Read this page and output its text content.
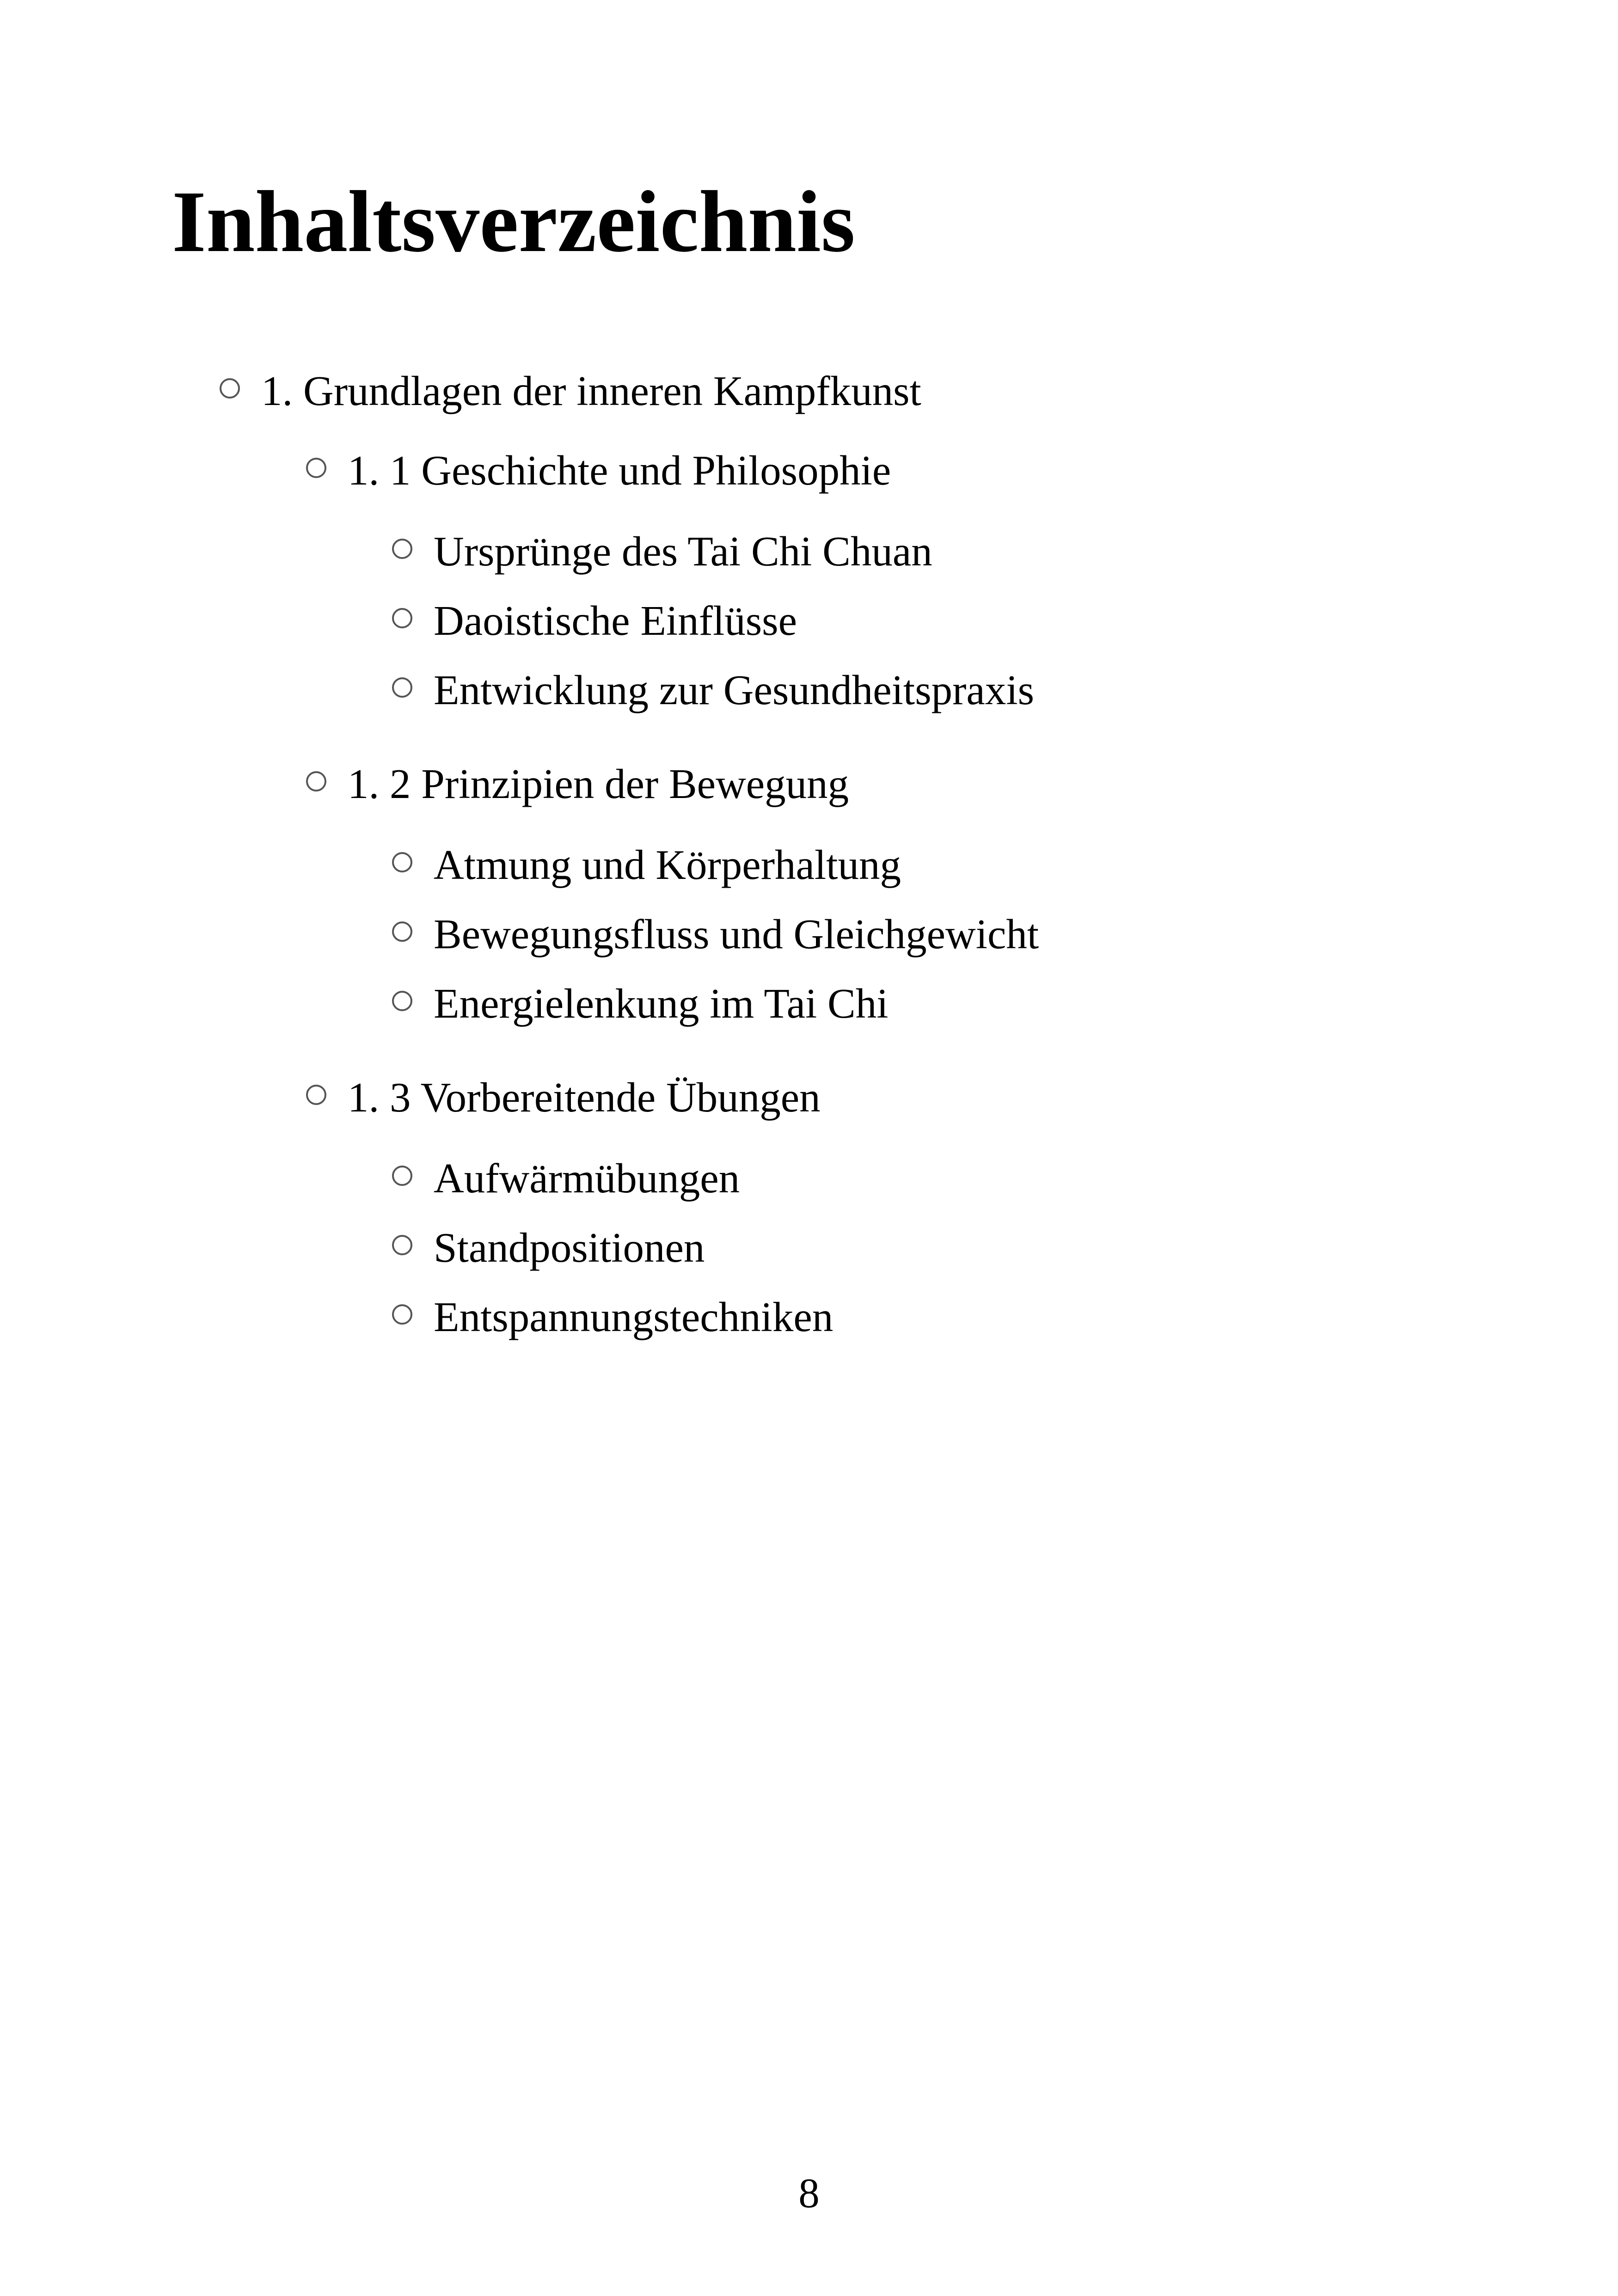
Inhaltsverzeichnis
1. Grundlagen der inneren Kampfkunst
1. 1 Geschichte und Philosophie
Ursprünge des Tai Chi Chuan
Daoistische Einflüsse
Entwicklung zur Gesundheitspraxis
1. 2 Prinzipien der Bewegung
Atmung und Körperhaltung
Bewegungsfluss und Gleichgewicht
Energielenkung im Tai Chi
1. 3 Vorbereitende Übungen
Aufwärmübungen
Standpositionen
Entspannungstechniken
8
